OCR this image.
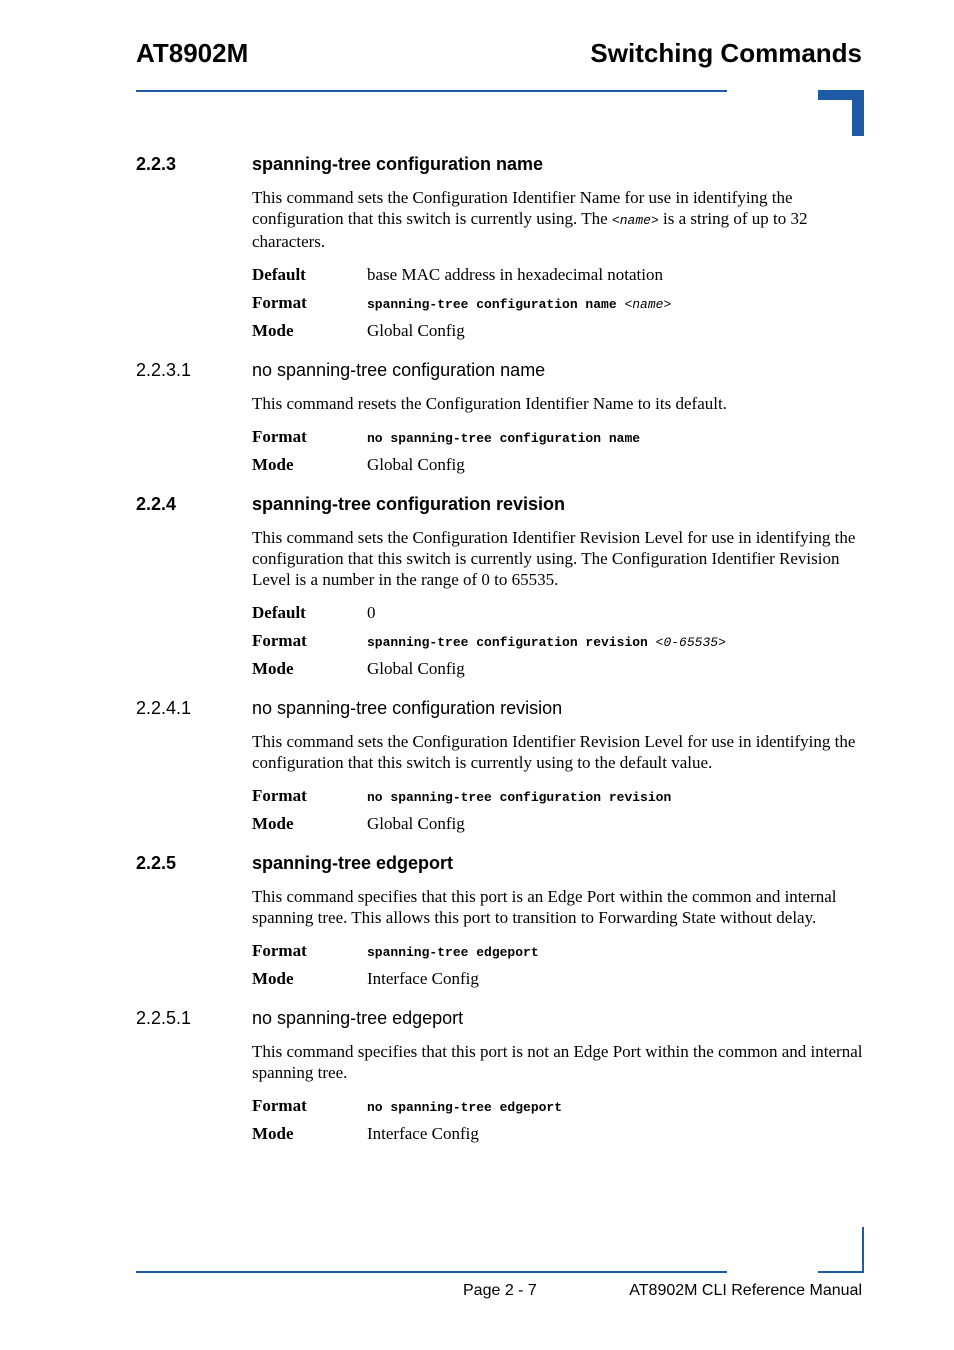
AT8902M	Switching Commands
2.2.3	spanning-tree configuration name
This command sets the Configuration Identifier Name for use in identifying the configuration that this switch is currently using. The <name> is a string of up to 32 characters.
Default	base MAC address in hexadecimal notation
Format	spanning-tree configuration name <name>
Mode	Global Config
2.2.3.1	no spanning-tree configuration name
This command resets the Configuration Identifier Name to its default.
Format	no spanning-tree configuration name
Mode	Global Config
2.2.4	spanning-tree configuration revision
This command sets the Configuration Identifier Revision Level for use in identifying the configuration that this switch is currently using. The Configuration Identifier Revision Level is a number in the range of 0 to 65535.
Default	0
Format	spanning-tree configuration revision <0-65535>
Mode	Global Config
2.2.4.1	no spanning-tree configuration revision
This command sets the Configuration Identifier Revision Level for use in identifying the configuration that this switch is currently using to the default value.
Format	no spanning-tree configuration revision
Mode	Global Config
2.2.5	spanning-tree edgeport
This command specifies that this port is an Edge Port within the common and internal spanning tree. This allows this port to transition to Forwarding State without delay.
Format	spanning-tree edgeport
Mode	Interface Config
2.2.5.1	no spanning-tree edgeport
This command specifies that this port is not an Edge Port within the common and internal spanning tree.
Format	no spanning-tree edgeport
Mode	Interface Config
Page 2 - 7	AT8902M CLI Reference Manual
